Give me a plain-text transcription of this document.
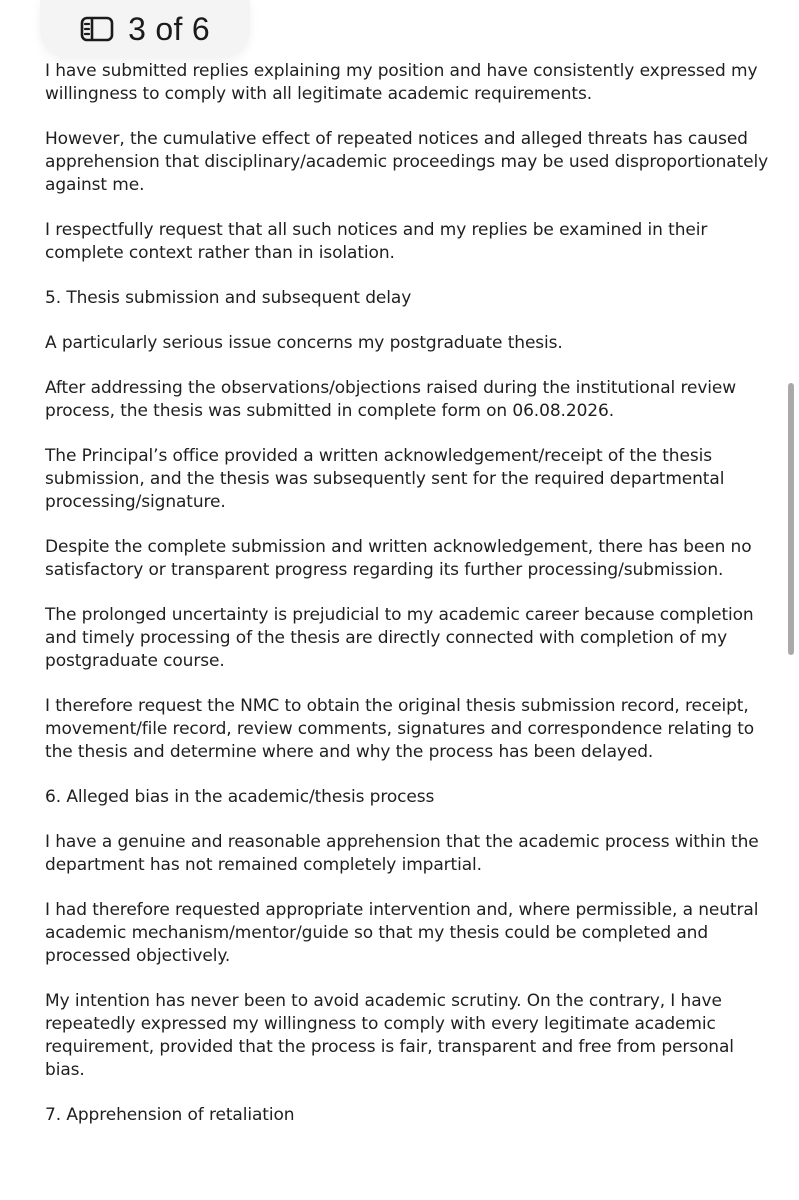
3 of 6

I have submitted replies explaining my position and have consistently expressed my willingness to comply with all legitimate academic requirements.

However, the cumulative effect of repeated notices and alleged threats has caused apprehension that disciplinary/academic proceedings may be used disproportionately against me.

I respectfully request that all such notices and my replies be examined in their complete context rather than in isolation.

5. Thesis submission and subsequent delay

A particularly serious issue concerns my postgraduate thesis.

After addressing the observations/objections raised during the institutional review process, the thesis was submitted in complete form on 06.08.2026.

The Principal’s office provided a written acknowledgement/receipt of the thesis submission, and the thesis was subsequently sent for the required departmental processing/signature.

Despite the complete submission and written acknowledgement, there has been no satisfactory or transparent progress regarding its further processing/submission.

The prolonged uncertainty is prejudicial to my academic career because completion and timely processing of the thesis are directly connected with completion of my postgraduate course.

I therefore request the NMC to obtain the original thesis submission record, receipt, movement/file record, review comments, signatures and correspondence relating to the thesis and determine where and why the process has been delayed.

6. Alleged bias in the academic/thesis process

I have a genuine and reasonable apprehension that the academic process within the department has not remained completely impartial.

I had therefore requested appropriate intervention and, where permissible, a neutral academic mechanism/mentor/guide so that my thesis could be completed and processed objectively.

My intention has never been to avoid academic scrutiny. On the contrary, I have repeatedly expressed my willingness to comply with every legitimate academic requirement, provided that the process is fair, transparent and free from personal bias.

7. Apprehension of retaliation
